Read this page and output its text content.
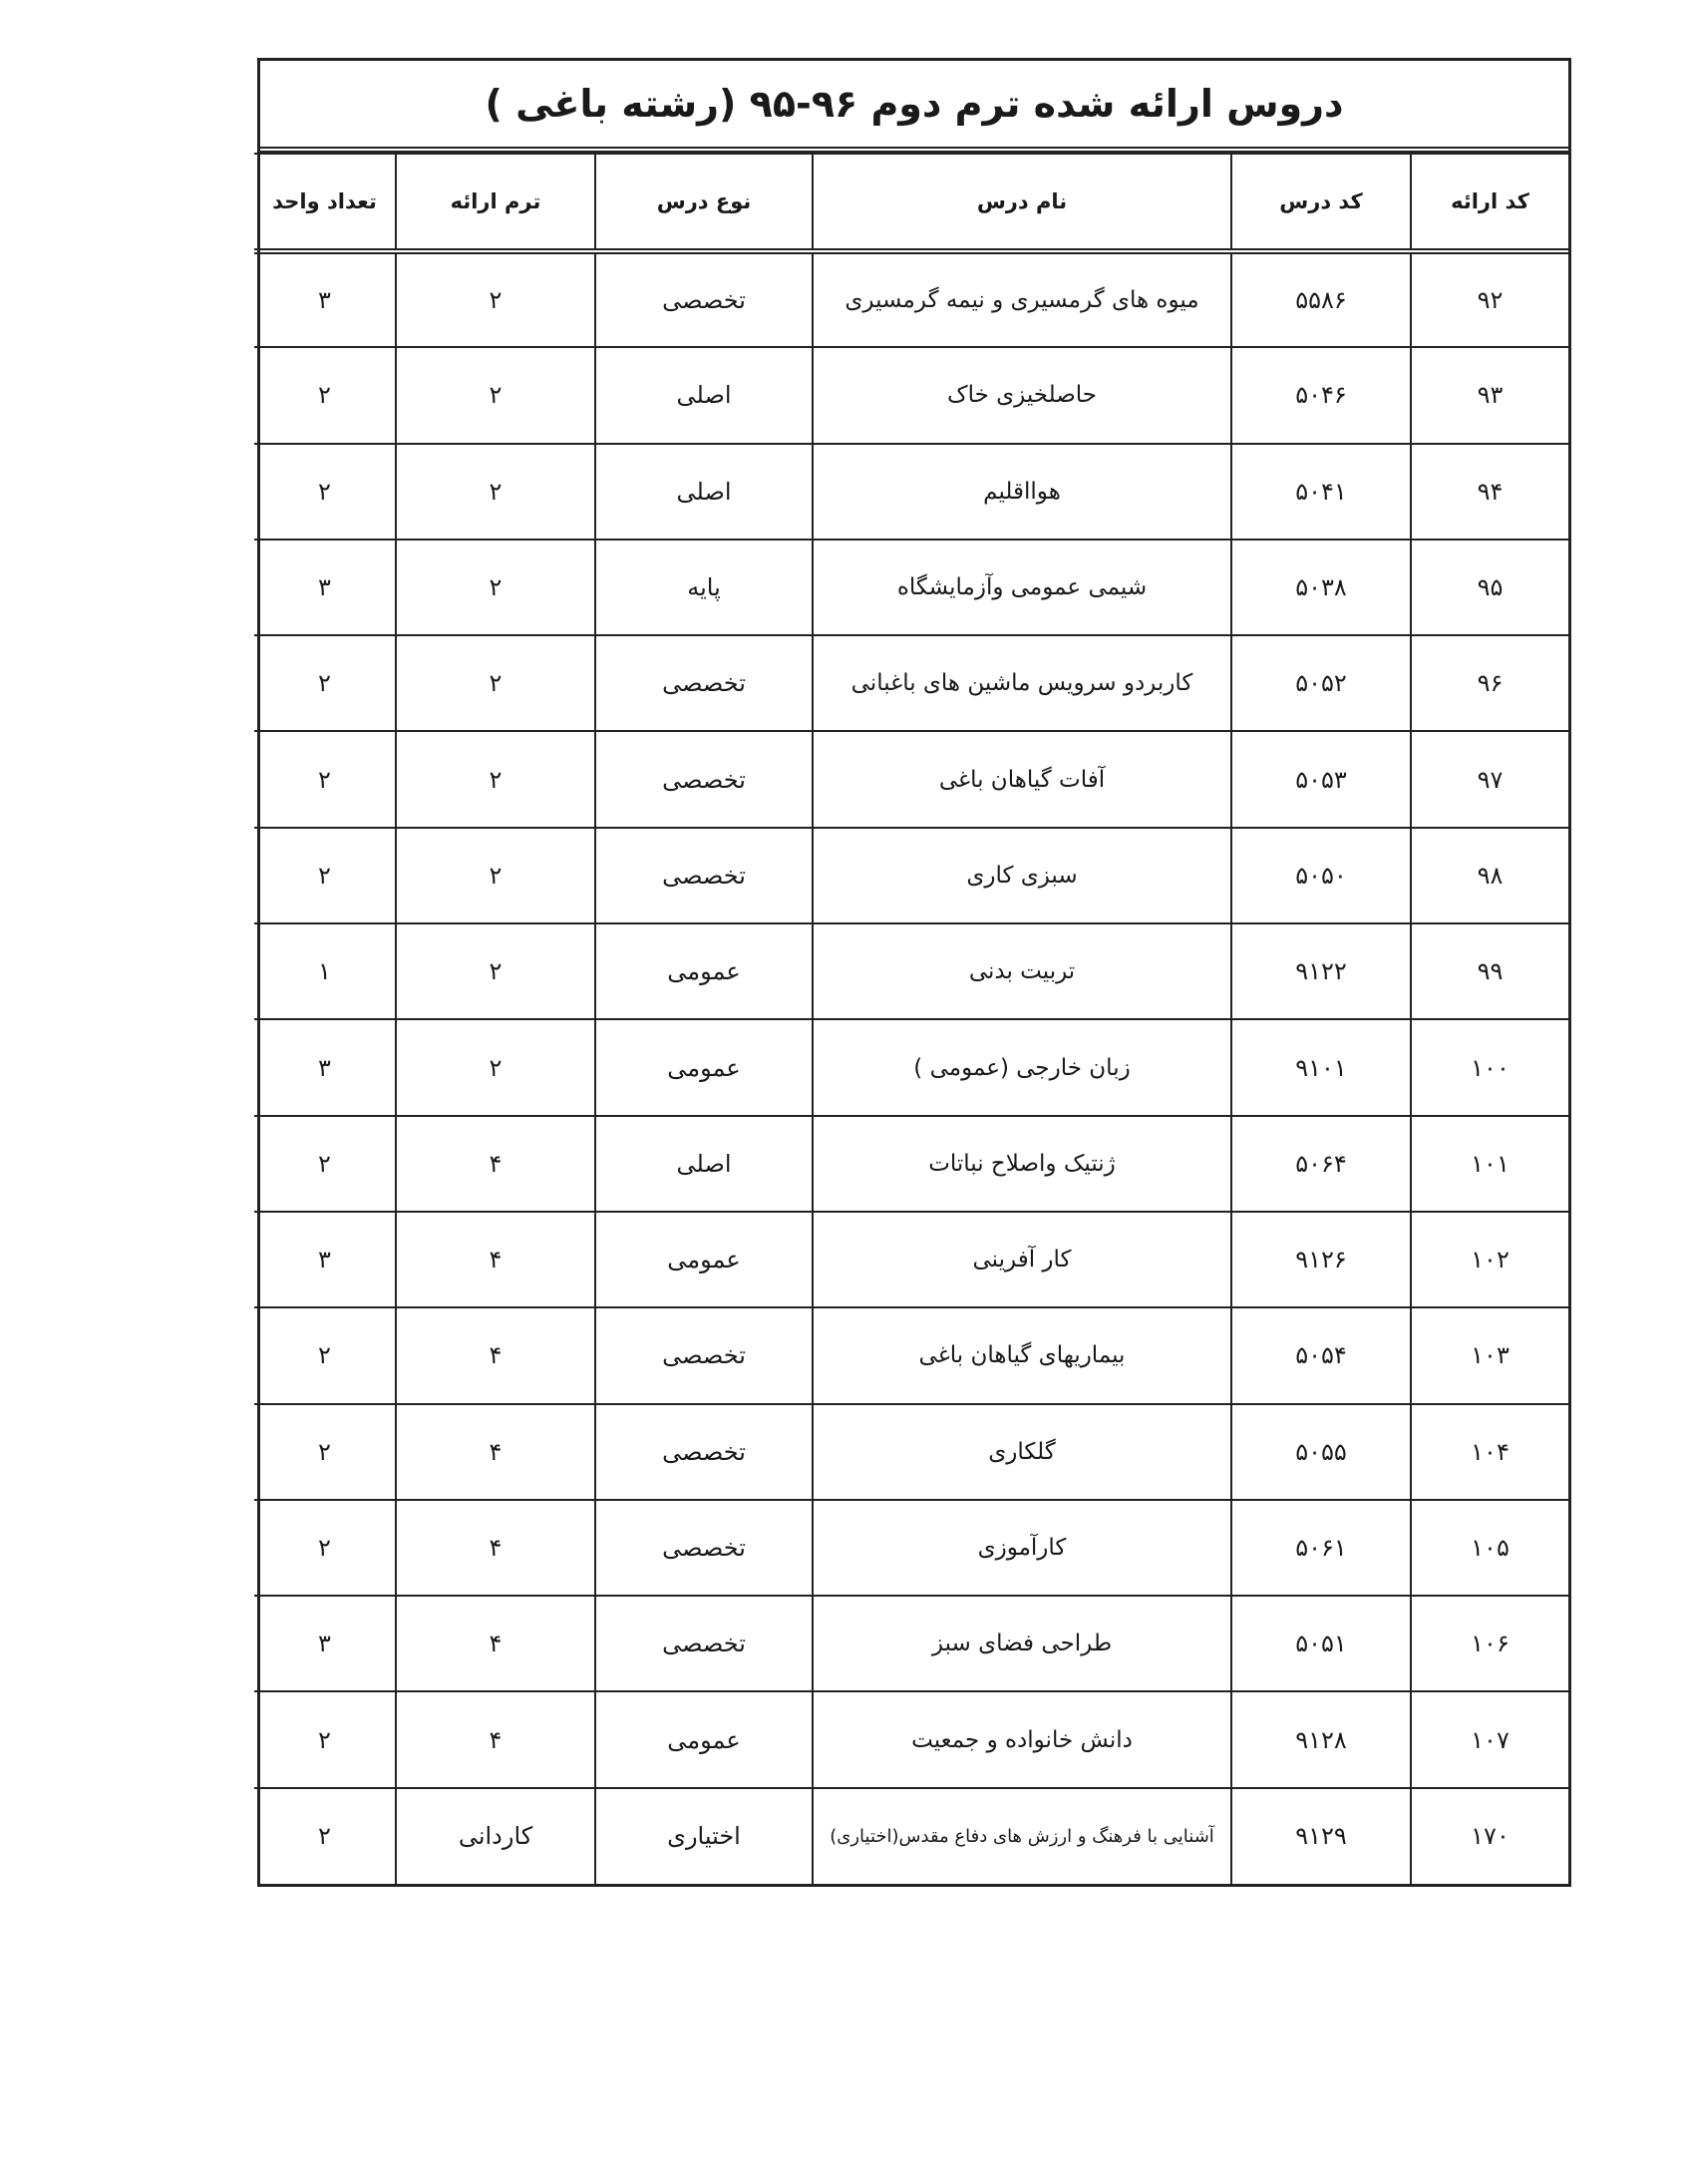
دروس ارائه شده ترم دوم ۹۶-۹۵ (رشته باغی )
کد ارائه	کد درس	نام درس	نوع درس	ترم ارائه	تعداد واحد
۹۲	۵۵۸۶	میوه های گرمسیری و نیمه گرمسیری	تخصصی	۲	۳
۹۳	۵۰۴۶	حاصلخیزی خاک	اصلی	۲	۲
۹۴	۵۰۴۱	هوااقلیم	اصلی	۲	۲
۹۵	۵۰۳۸	شیمی عمومی وآزمایشگاه	پایه	۲	۳
۹۶	۵۰۵۲	کاربردو سرویس ماشین های باغبانی	تخصصی	۲	۲
۹۷	۵۰۵۳	آفات گیاهان باغی	تخصصی	۲	۲
۹۸	۵۰۵۰	سبزی کاری	تخصصی	۲	۲
۹۹	۹۱۲۲	تربیت بدنی	عمومی	۲	۱
۱۰۰	۹۱۰۱	زبان خارجی (عمومی )	عمومی	۲	۳
۱۰۱	۵۰۶۴	ژنتیک واصلاح نباتات	اصلی	۴	۲
۱۰۲	۹۱۲۶	کار آفرینی	عمومی	۴	۳
۱۰۳	۵۰۵۴	بیماریهای گیاهان باغی	تخصصی	۴	۲
۱۰۴	۵۰۵۵	گلکاری	تخصصی	۴	۲
۱۰۵	۵۰۶۱	کارآموزی	تخصصی	۴	۲
۱۰۶	۵۰۵۱	طراحی فضای سبز	تخصصی	۴	۳
۱۰۷	۹۱۲۸	دانش خانواده و جمعیت	عمومی	۴	۲
۱۷۰	۹۱۲۹	آشنایی با فرهنگ و ارزش های دفاع مقدس(اختیاری)	اختیاری	کاردانی	۲
